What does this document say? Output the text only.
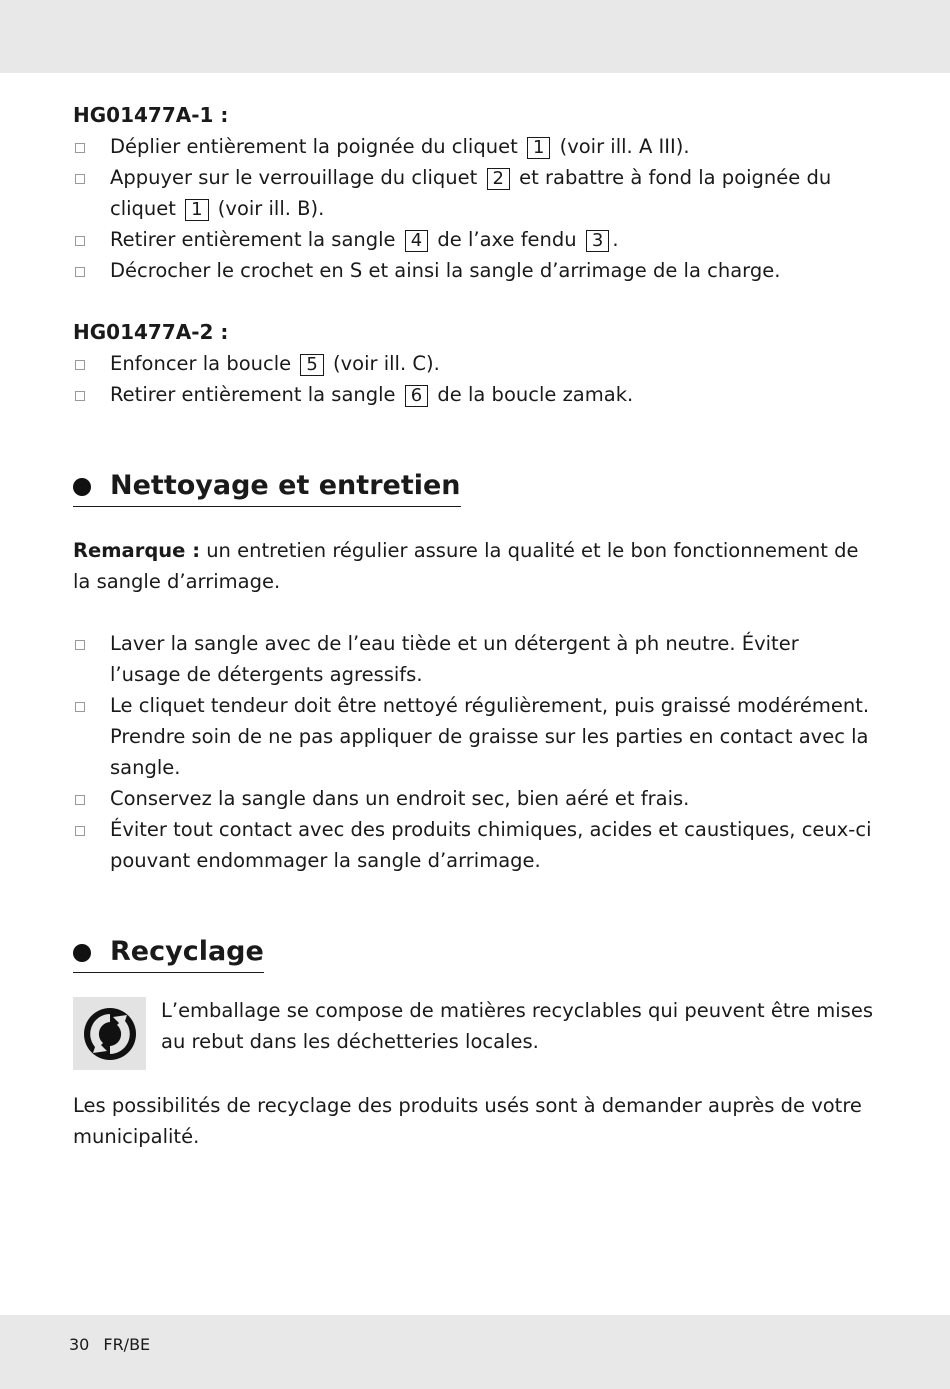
HG01477A-1 :
Déplier entièrement la poignée du cliquet 1 (voir ill. A III).
Appuyer sur le verrouillage du cliquet 2 et rabattre à fond la poignée du cliquet 1 (voir ill. B).
Retirer entièrement la sangle 4 de l’axe fendu 3 .
Décrocher le crochet en S et ainsi la sangle d’arrimage de la charge.
HG01477A-2 :
Enfoncer la boucle 5 (voir ill. C).
Retirer entièrement la sangle 6 de la boucle zamak.
Nettoyage et entretien

Remarque : un entretien régulier assure la qualité et le bon fonctionnement de la sangle d’arrimage.

Laver la sangle avec de l’eau tiède et un détergent à ph neutre. Éviter l’usage de détergents agressifs.
Le cliquet tendeur doit être nettoyé régulièrement, puis graissé modérément. Prendre soin de ne pas appliquer de graisse sur les parties en contact avec la sangle.
Conservez la sangle dans un endroit sec, bien aéré et frais.
Éviter tout contact avec des produits chimiques, acides et caustiques, ceux-ci pouvant endommager la sangle d’arrimage.
Recyclage

L’emballage se compose de matières recyclables qui peuvent être mises au rebut dans les déchetteries locales.

Les possibilités de recyclage des produits usés sont à demander auprès de votre municipalité.

30 FR/BE
